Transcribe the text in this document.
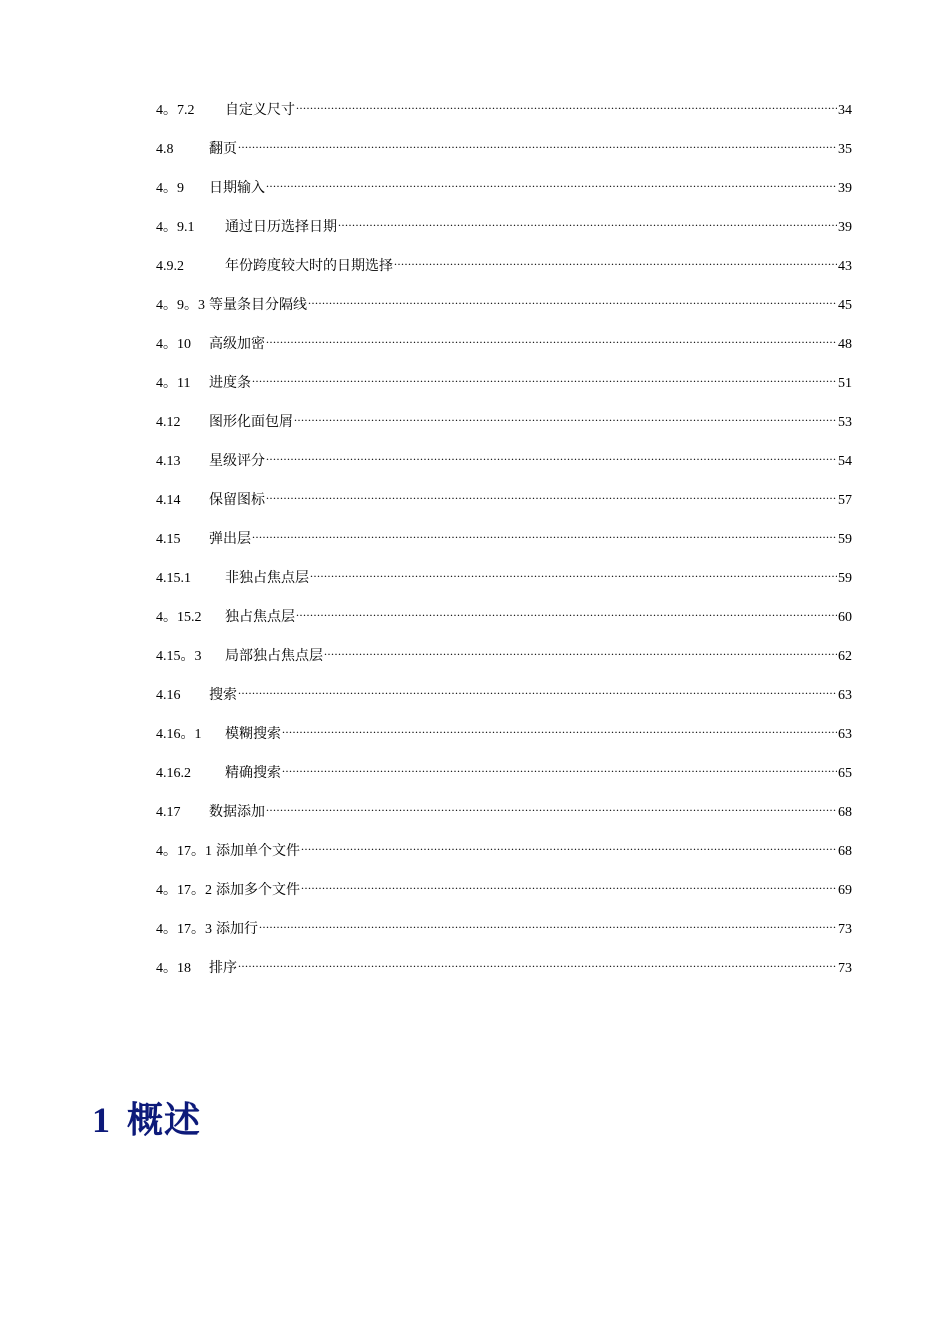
4。7.2	自定义尺寸 .....	34
4.8	翻页 .....	35
4。9	日期输入 .....	39
4。9.1	通过日历选择日期 .....	39
4.9.2	年份跨度较大时的日期选择 .....	43
4。9。3 等量条目分隔线 .....	45
4。10	高级加密 .....	48
4。11	进度条 .....	51
4.12	图形化面包屑 .....	53
4.13	星级评分 .....	54
4.14	保留图标 .....	57
4.15	弹出层 .....	59
4.15.1	非独占焦点层 .....	59
4。15.2	独占焦点层 .....	60
4.15。3	局部独占焦点层 .....	62
4.16	搜索 .....	63
4.16。1	模糊搜索 .....	63
4.16.2	精确搜索 .....	65
4.17	数据添加 .....	68
4。17。1 添加单个文件 .....	68
4。17。2 添加多个文件 .....	69
4。17。3 添加行 .....	73
4。18	排序 .....	73
1 概述
